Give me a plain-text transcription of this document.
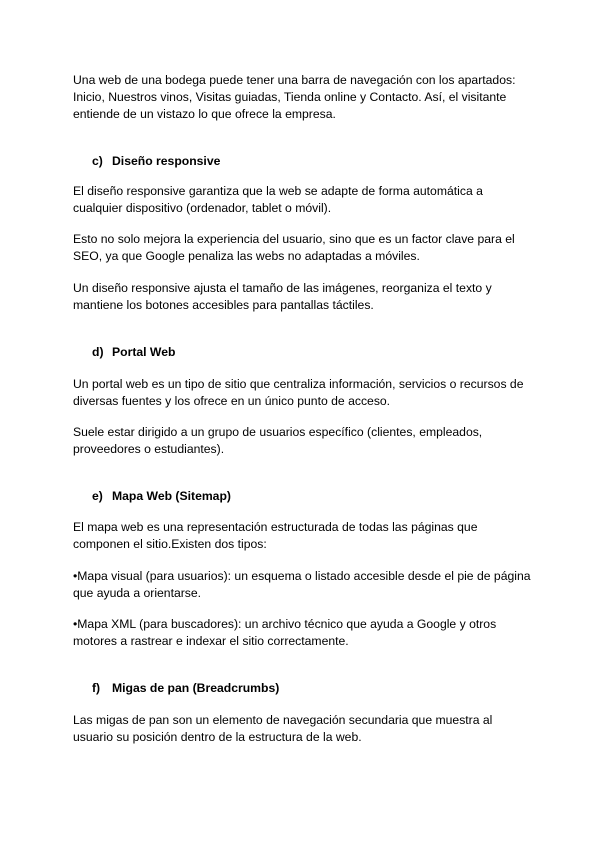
Una web de una bodega puede tener una barra de navegación con los apartados: Inicio, Nuestros vinos, Visitas guiadas, Tienda online y Contacto. Así, el visitante entiende de un vistazo lo que ofrece la empresa.

c) Diseño responsive

El diseño responsive garantiza que la web se adapte de forma automática a cualquier dispositivo (ordenador, tablet o móvil).

Esto no solo mejora la experiencia del usuario, sino que es un factor clave para el SEO, ya que Google penaliza las webs no adaptadas a móviles.

Un diseño responsive ajusta el tamaño de las imágenes, reorganiza el texto y mantiene los botones accesibles para pantallas táctiles.

d) Portal Web

Un portal web es un tipo de sitio que centraliza información, servicios o recursos de diversas fuentes y los ofrece en un único punto de acceso.

Suele estar dirigido a un grupo de usuarios específico (clientes, empleados, proveedores o estudiantes).

e) Mapa Web (Sitemap)

El mapa web es una representación estructurada de todas las páginas que componen el sitio.Existen dos tipos:

•Mapa visual (para usuarios): un esquema o listado accesible desde el pie de página que ayuda a orientarse.

•Mapa XML (para buscadores): un archivo técnico que ayuda a Google y otros motores a rastrear e indexar el sitio correctamente.

f) Migas de pan (Breadcrumbs)

Las migas de pan son un elemento de navegación secundaria que muestra al usuario su posición dentro de la estructura de la web.
